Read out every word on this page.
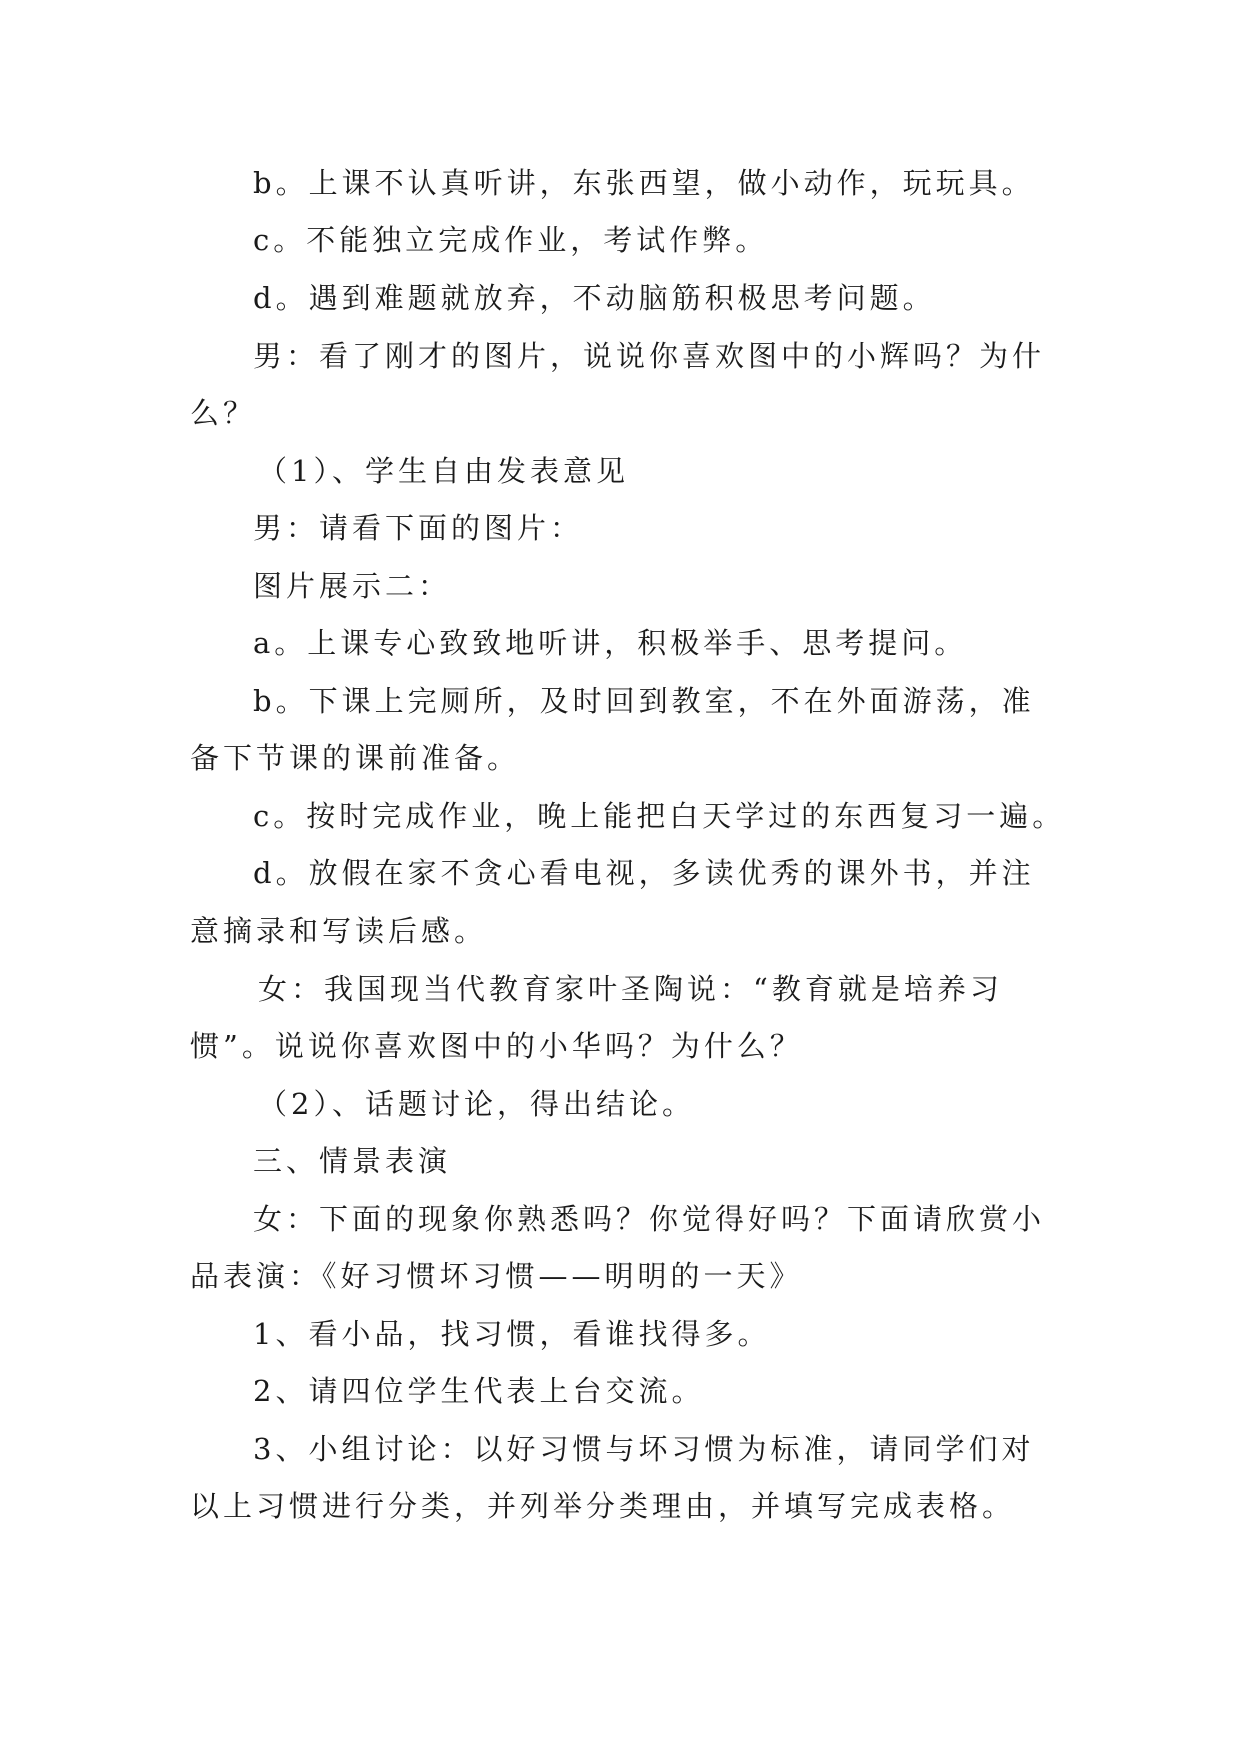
b。上课不认真听讲，东张西望，做小动作，玩玩具。
c。不能独立完成作业，考试作弊。
d。遇到难题就放弃，不动脑筋积极思考问题。
男：看了刚才的图片，说说你喜欢图中的小辉吗？为什
么？
（1）、学生自由发表意见
男：请看下面的图片：
图片展示二：
a。上课专心致致地听讲，积极举手、思考提问。
b。下课上完厕所，及时回到教室，不在外面游荡，准
备下节课的课前准备。
c。按时完成作业，晚上能把白天学过的东西复习一遍。
d。放假在家不贪心看电视，多读优秀的课外书，并注
意摘录和写读后感。
女：我国现当代教育家叶圣陶说：“教育就是培养习
惯”。说说你喜欢图中的小华吗？为什么？
（2）、话题讨论，得出结论。
三、情景表演
女：下面的现象你熟悉吗？你觉得好吗？下面请欣赏小
品表演：《好习惯坏习惯——明明的一天》
1、看小品，找习惯，看谁找得多。
2、请四位学生代表上台交流。
3、小组讨论：以好习惯与坏习惯为标准，请同学们对
以上习惯进行分类，并列举分类理由，并填写完成表格。
